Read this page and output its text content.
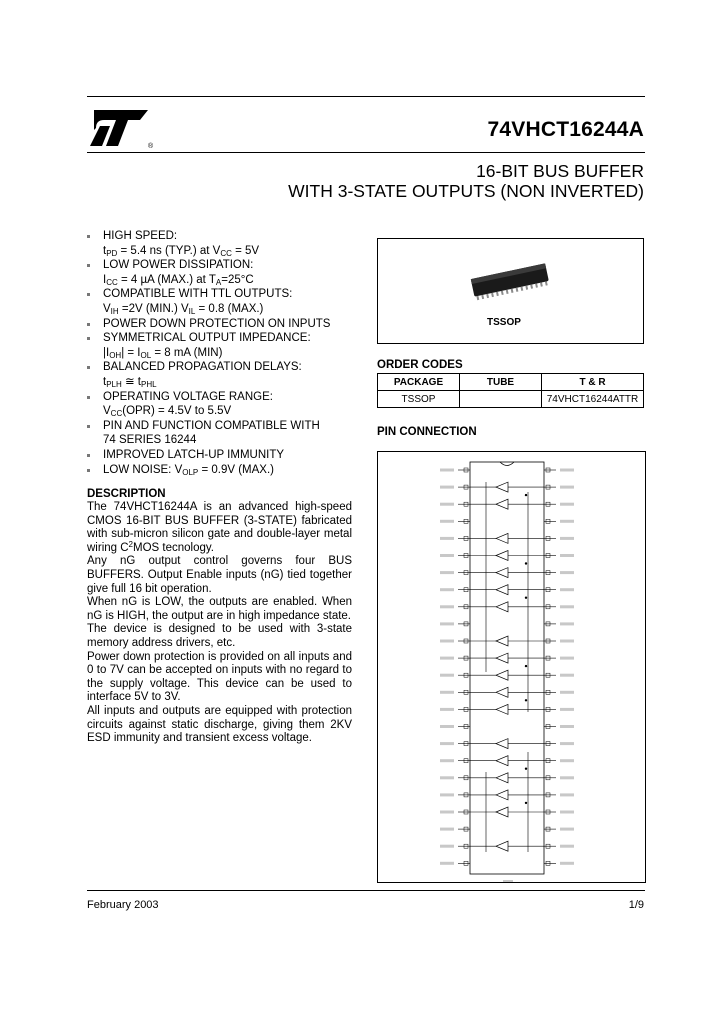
®
74VHCT16244A
16-BIT BUS BUFFER
WITH 3-STATE OUTPUTS (NON INVERTED)
HIGH SPEED:
$t_{PD} = 5.4$ ns (TYP.) at $V_{CC} = 5V$
LOW POWER DISSIPATION:
$I_{CC} = 4$ µA (MAX.) at $T_A=25^\circ C$
COMPATIBLE WITH TTL OUTPUTS:
$V_{IH} =2V$ (MIN.) $V_{IL} = 0.8$ (MAX.)
POWER DOWN PROTECTION ON INPUTS
SYMMETRICAL OUTPUT IMPEDANCE:
$|I_{OH}| = I_{OL} = 8$ mA (MIN)
BALANCED PROPAGATION DELAYS:
$t_{PLH}$ ≅ $t_{PHL}$
OPERATING VOLTAGE RANGE:
$V_{CC}(OPR) = 4.5V$ to 5.5V
PIN AND FUNCTION COMPATIBLE WITH
74 SERIES 16244
IMPROVED LATCH-UP IMMUNITY
LOW NOISE: $V_{OLP} = 0.9V$ (MAX.)
DESCRIPTION

The 74VHCT16244A is an advanced high-speed CMOS 16-BIT BUS BUFFER (3-STATE) fabricated with sub-micron silicon gate and double-layer metal wiring $C^2MOS$ tecnology.

Any nG output control governs four BUS BUFFERS. Output Enable inputs (nG) tied together give full 16 bit operation.

When nG is LOW, the outputs are enabled. When nG is HIGH, the output are in high impedance state.

The device is designed to be used with 3-state memory address drivers, etc.

Power down protection is provided on all inputs and 0 to 7V can be accepted on inputs with no regard to the supply voltage. This device can be used to interface 5V to 3V.

All inputs and outputs are equipped with protection circuits against static discharge, giving them 2KV ESD immunity and transient excess voltage.

TSSOP
ORDER CODES
PACKAGE	TUBE	T & R
TSSOP		74VHCT16244ATTR
PIN CONNECTION
February 2003	1/9
